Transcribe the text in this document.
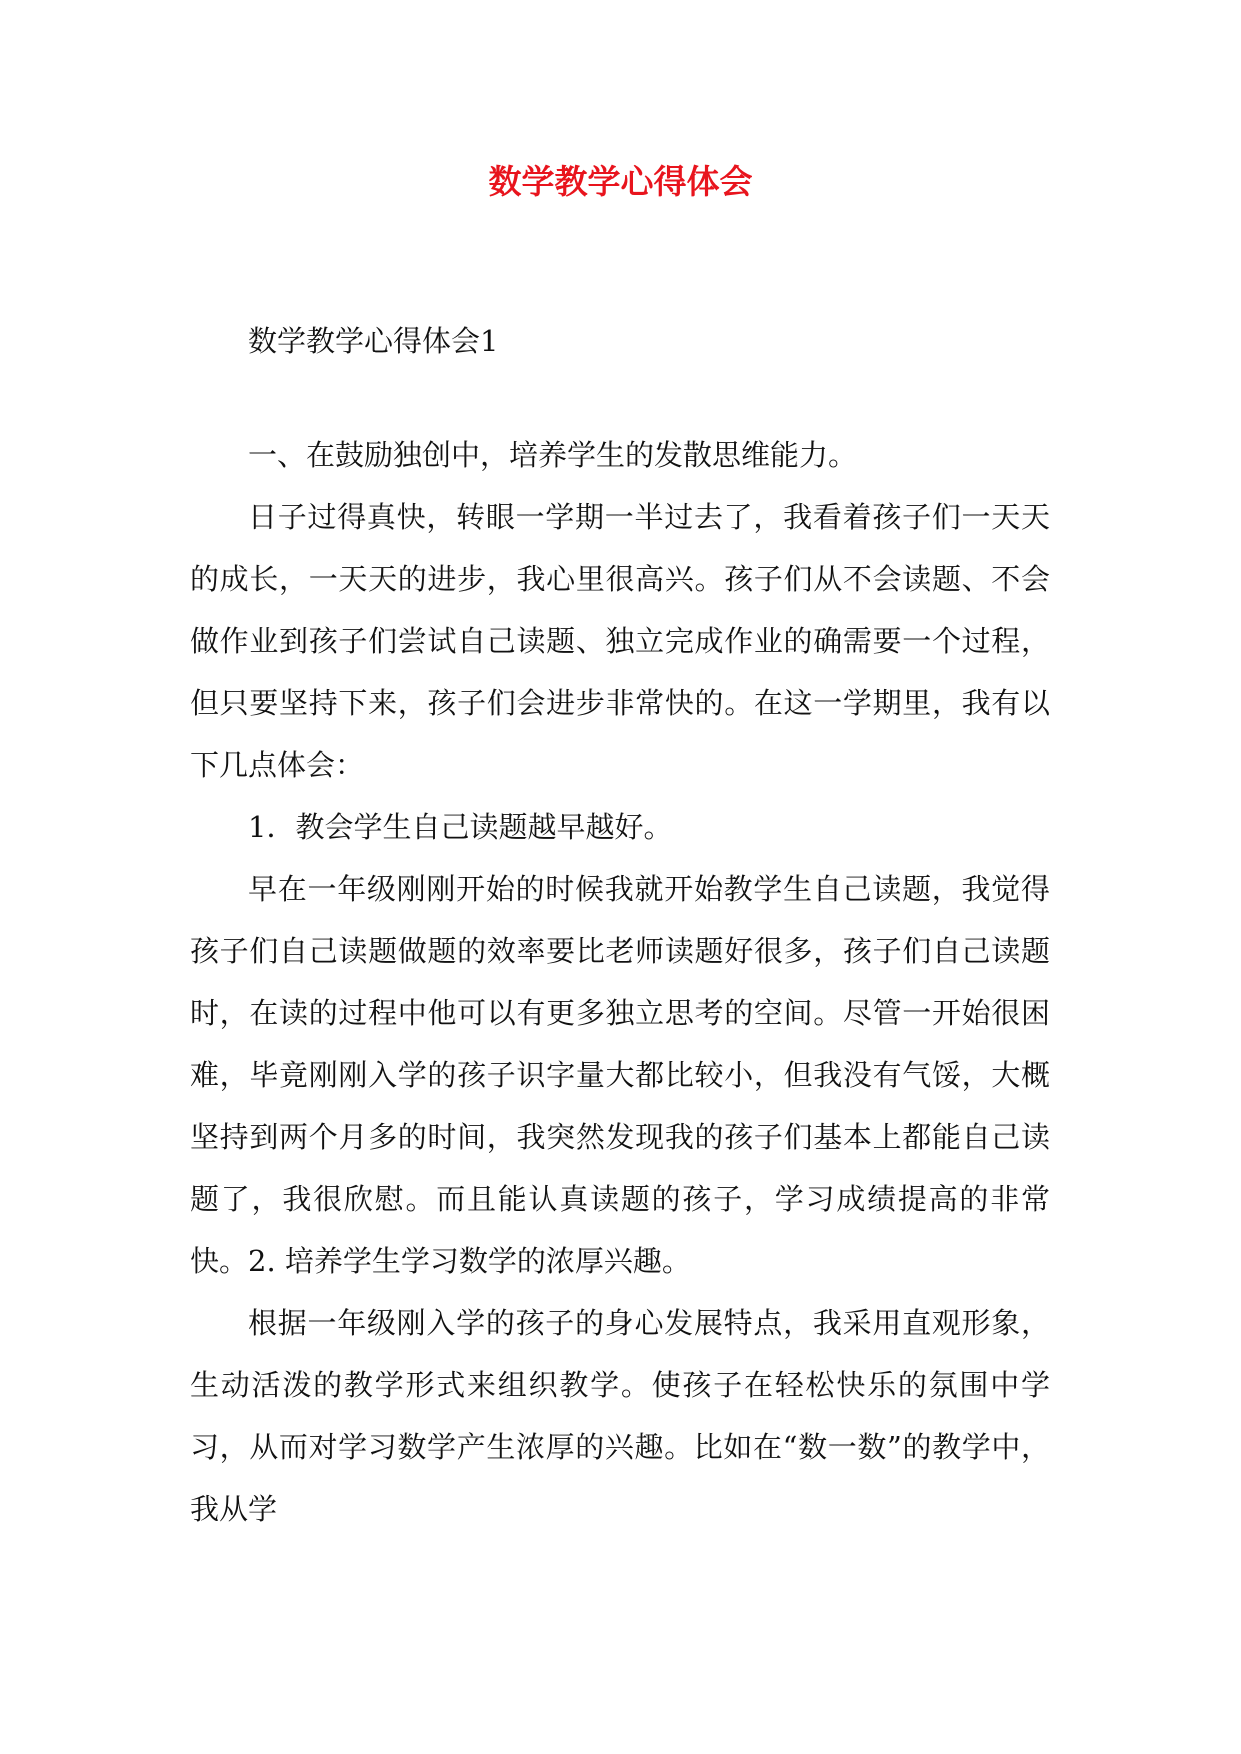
数学教学心得体会

数学教学心得体会1

一、在鼓励独创中，培养学生的发散思维能力。

日子过得真快，转眼一学期一半过去了，我看着孩子们一天天的成长，一天天的进步，我心里很高兴。孩子们从不会读题、不会做作业到孩子们尝试自己读题、独立完成作业的确需要一个过程，但只要坚持下来，孩子们会进步非常快的。在这一学期里，我有以下几点体会：

1．教会学生自己读题越早越好。

早在一年级刚刚开始的时候我就开始教学生自己读题，我觉得孩子们自己读题做题的效率要比老师读题好很多，孩子们自己读题时，在读的过程中他可以有更多独立思考的空间。尽管一开始很困难，毕竟刚刚入学的孩子识字量大都比较小，但我没有气馁，大概坚持到两个月多的时间，我突然发现我的孩子们基本上都能自己读题了，我很欣慰。而且能认真读题的孩子，学习成绩提高的非常快。 2. 培养学生学习数学的浓厚兴趣。

根据一年级刚入学的孩子的身心发展特点，我采用直观形象，生动活泼的教学形式来组织教学。使孩子在轻松快乐的氛围中学习，从而对学习数学产生浓厚的兴趣。比如在“数一数”的教学中，我从学
